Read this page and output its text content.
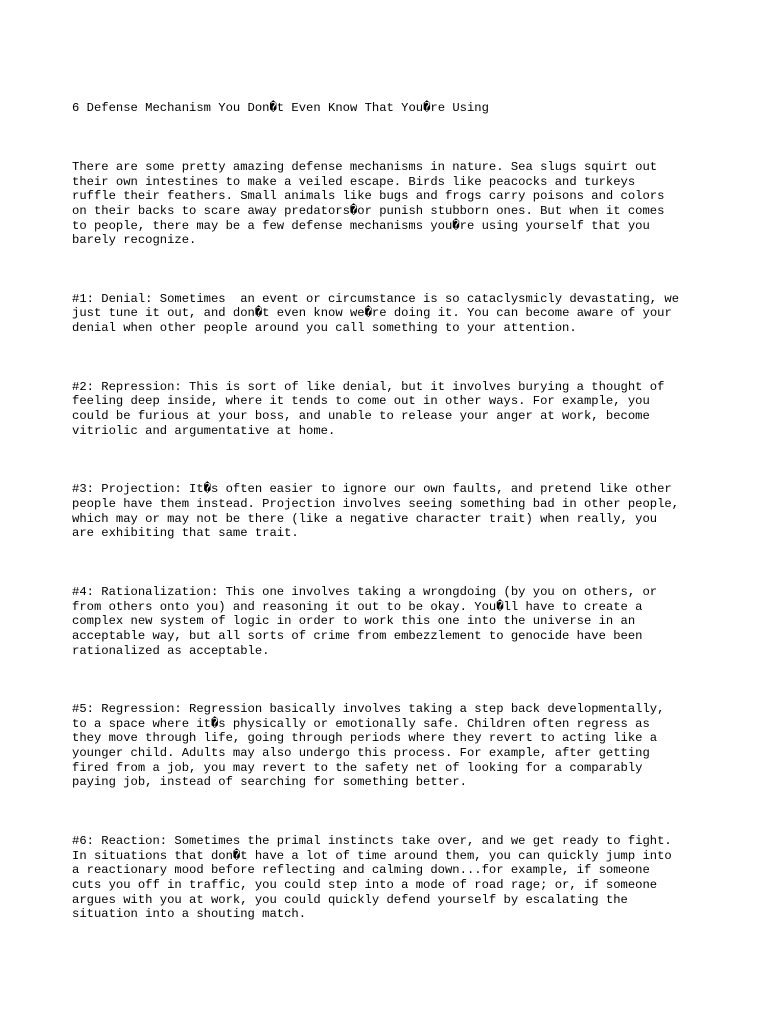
6 Defense Mechanism You Don�t Even Know That You�re Using

There are some pretty amazing defense mechanisms in nature. Sea slugs squirt out
their own intestines to make a veiled escape. Birds like peacocks and turkeys
ruffle their feathers. Small animals like bugs and frogs carry poisons and colors
on their backs to scare away predators�or punish stubborn ones. But when it comes
to people, there may be a few defense mechanisms you�re using yourself that you
barely recognize.

#1: Denial: Sometimes  an event or circumstance is so cataclysmicly devastating, we
just tune it out, and don�t even know we�re doing it. You can become aware of your
denial when other people around you call something to your attention.

#2: Repression: This is sort of like denial, but it involves burying a thought of
feeling deep inside, where it tends to come out in other ways. For example, you
could be furious at your boss, and unable to release your anger at work, become
vitriolic and argumentative at home.

#3: Projection: It�s often easier to ignore our own faults, and pretend like other
people have them instead. Projection involves seeing something bad in other people,
which may or may not be there (like a negative character trait) when really, you
are exhibiting that same trait.

#4: Rationalization: This one involves taking a wrongdoing (by you on others, or
from others onto you) and reasoning it out to be okay. You�ll have to create a
complex new system of logic in order to work this one into the universe in an
acceptable way, but all sorts of crime from embezzlement to genocide have been
rationalized as acceptable.

#5: Regression: Regression basically involves taking a step back developmentally,
to a space where it�s physically or emotionally safe. Children often regress as
they move through life, going through periods where they revert to acting like a
younger child. Adults may also undergo this process. For example, after getting
fired from a job, you may revert to the safety net of looking for a comparably
paying job, instead of searching for something better.

#6: Reaction: Sometimes the primal instincts take over, and we get ready to fight.
In situations that don�t have a lot of time around them, you can quickly jump into
a reactionary mood before reflecting and calming down...for example, if someone
cuts you off in traffic, you could step into a mode of road rage; or, if someone
argues with you at work, you could quickly defend yourself by escalating the
situation into a shouting match.
